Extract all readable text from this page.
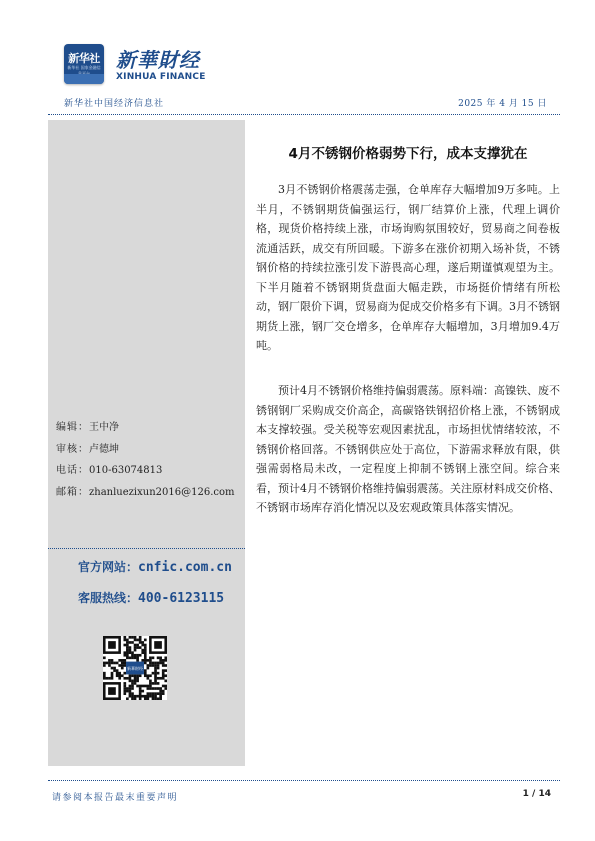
新华社
新华社 国家金融信 新華財经
XINHUA FINANCE
新华社中国经济信息社	2025 年 4 月 15 日
编辑：王中净
审核：卢德坤
电话：010-63074813
邮箱：zhanluezixun2016@126.com
官方网站：cnfic.com.cn
客服热线：400-6123115
新華財经
4月不锈钢价格弱势下行，成本支撑犹在

3月不锈钢价格震荡走强，仓单库存大幅增加9万多吨。上半月，不锈钢期货偏强运行，钢厂结算价上涨，代理上调价格，现货价格持续上涨，市场询购氛围较好，贸易商之间卷板流通活跃，成交有所回暖。下游多在涨价初期入场补货，不锈钢价格的持续拉涨引发下游畏高心理，遂后期谨慎观望为主。下半月随着不锈钢期货盘面大幅走跌，市场挺价情绪有所松动，钢厂限价下调，贸易商为促成交价格多有下调。3月不锈钢期货上涨，钢厂交仓增多，仓单库存大幅增加，3月增加9.4万吨。

预计4月不锈钢价格维持偏弱震荡。原料端：高镍铁、废不锈钢钢厂采购成交价高企，高碳铬铁钢招价格上涨，不锈钢成本支撑较强。受关税等宏观因素扰乱，市场担忧情绪较浓，不锈钢价格回落。不锈钢供应处于高位，下游需求释放有限，供强需弱格局未改，一定程度上抑制不锈钢上涨空间。综合来看，预计4月不锈钢价格维持偏弱震荡。关注原材料成交价格、不锈钢市场库存消化情况以及宏观政策具体落实情况。

请参阅本报告最末重要声明	1 / 14
